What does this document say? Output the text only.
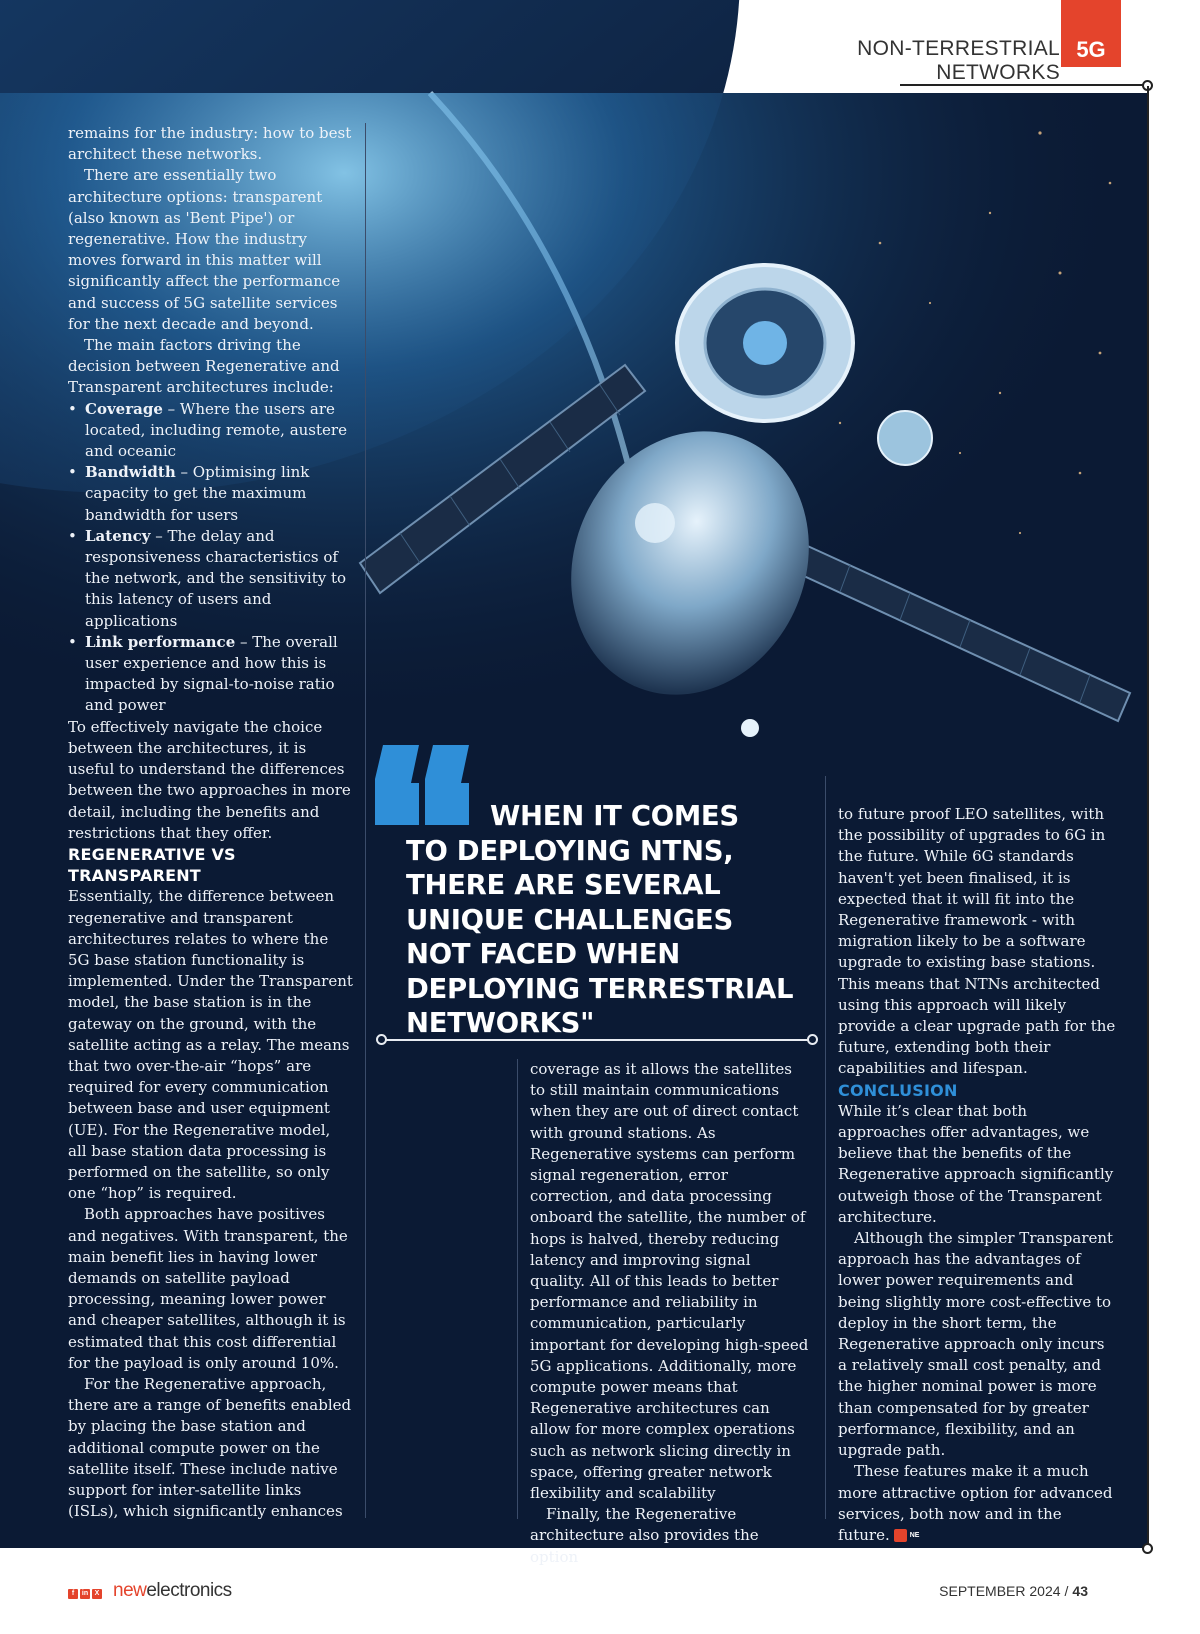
NON-TERRESTRIAL NETWORKS
5G

remains for the industry: how to best architect these networks.

There are essentially two architecture options: transparent (also known as 'Bent Pipe') or regenerative. How the industry moves forward in this matter will significantly affect the performance and success of 5G satellite services for the next decade and beyond.

The main factors driving the decision between Regenerative and Transparent architectures include:

• Coverage – Where the users are located, including remote, austere and oceanic
• Bandwidth – Optimising link capacity to get the maximum bandwidth for users
• Latency – The delay and responsiveness characteristics of the network, and the sensitivity to this latency of users and applications
• Link performance – The overall user experience and how this is impacted by signal-to-noise ratio and power

To effectively navigate the choice between the architectures, it is useful to understand the differences between the two approaches in more detail, including the benefits and restrictions that they offer.

REGENERATIVE VS TRANSPARENT

Essentially, the difference between regenerative and transparent architectures relates to where the 5G base station functionality is implemented. Under the Transparent model, the base station is in the gateway on the ground, with the satellite acting as a relay. The means that two over-the-air “hops” are required for every communication between base and user equipment (UE). For the Regenerative model, all base station data processing is performed on the satellite, so only one “hop” is required.

Both approaches have positives and negatives. With transparent, the main benefit lies in having lower demands on satellite payload processing, meaning lower power and cheaper satellites, although it is estimated that this cost differential for the payload is only around 10%.

For the Regenerative approach, there are a range of benefits enabled by placing the base station and additional compute power on the satellite itself. These include native support for inter-satellite links (ISLs), which significantly enhances

WHEN IT COMES
TO DEPLOYING NTNS, THERE ARE SEVERAL UNIQUE CHALLENGES NOT FACED WHEN DEPLOYING TERRESTRIAL NETWORKS"

coverage as it allows the satellites to still maintain communications when they are out of direct contact with ground stations. As Regenerative systems can perform signal regeneration, error correction, and data processing onboard the satellite, the number of hops is halved, thereby reducing latency and improving signal quality. All of this leads to better performance and reliability in communication, particularly important for developing high-speed 5G applications. Additionally, more compute power means that Regenerative architectures can allow for more complex operations such as network slicing directly in space, offering greater network flexibility and scalability

Finally, the Regenerative architecture also provides the option

to future proof LEO satellites, with the possibility of upgrades to 6G in the future. While 6G standards haven't yet been finalised, it is expected that it will fit into the Regenerative framework - with migration likely to be a software upgrade to existing base stations. This means that NTNs architected using this approach will likely provide a clear upgrade path for the future, extending both their capabilities and lifespan.

CONCLUSION

While it’s clear that both approaches offer advantages, we believe that the benefits of the Regenerative approach significantly outweigh those of the Transparent architecture.

Although the simpler Transparent approach has the advantages of lower power requirements and being slightly more cost-effective to deploy in the short term, the Regenerative approach only incurs a relatively small cost penalty, and the higher nominal power is more than compensated for by greater performance, flexibility, and an upgrade path.

These features make it a much more attractive option for advanced services, both now and in the future.	NE

f	in X newelectronics	SEPTEMBER 2024 / 43
